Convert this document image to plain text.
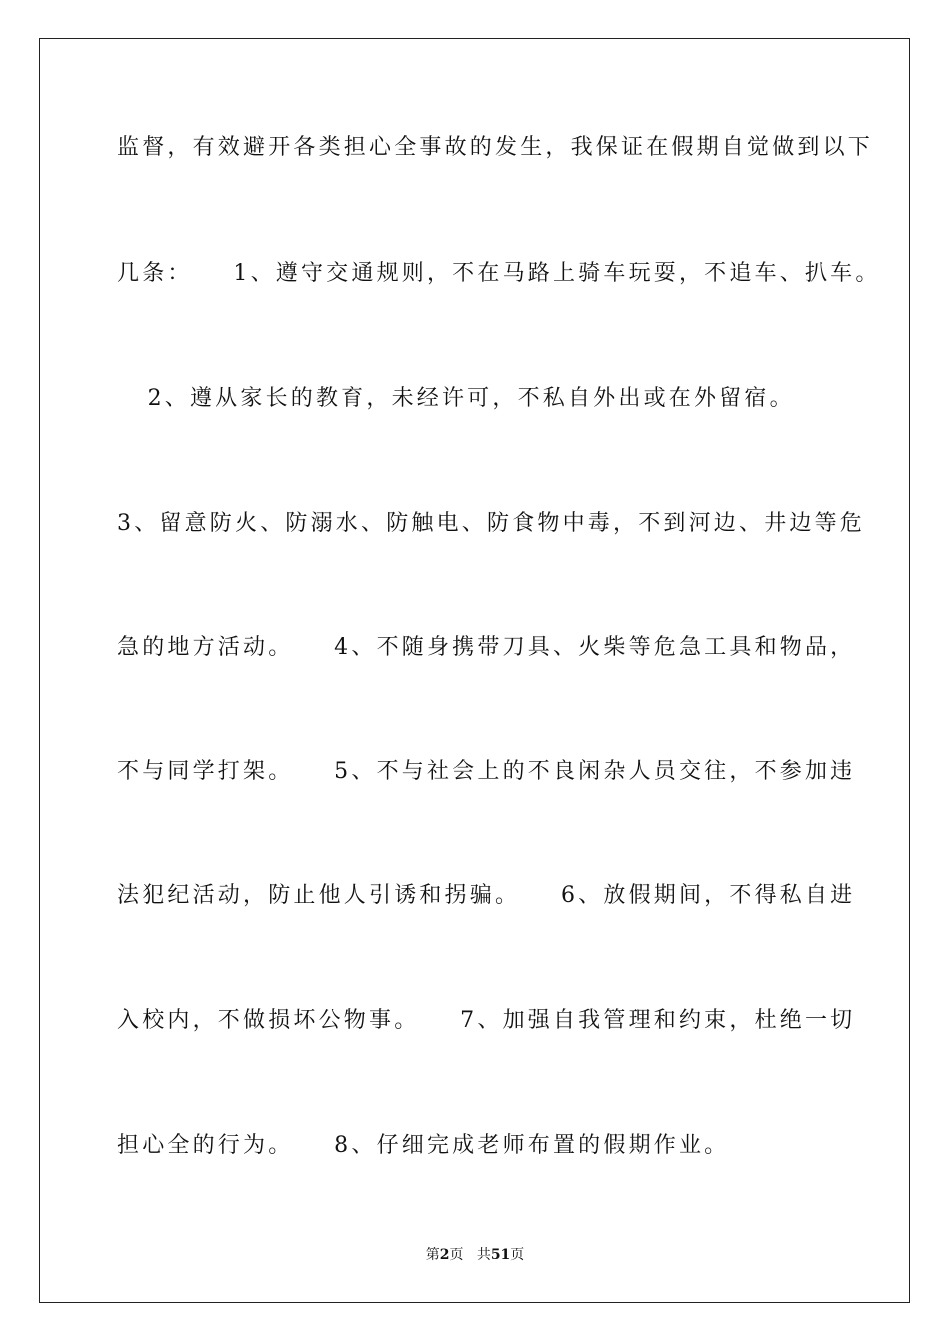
监督，有效避开各类担心全事故的发生，我保证在假期自觉做到以下
几条：    1、遵守交通规则，不在马路上骑车玩耍，不追车、扒车。
2、遵从家长的教育，未经许可，不私自外出或在外留宿。
3、留意防火、防溺水、防触电、防食物中毒，不到河边、井边等危
急的地方活动。    4、不随身携带刀具、火柴等危急工具和物品，
不与同学打架。    5、不与社会上的不良闲杂人员交往，不参加违
法犯纪活动，防止他人引诱和拐骗。    6、放假期间，不得私自进
入校内，不做损坏公物事。    7、加强自我管理和约束，杜绝一切
担心全的行为。    8、仔细完成老师布置的假期作业。
第2页 共51页
